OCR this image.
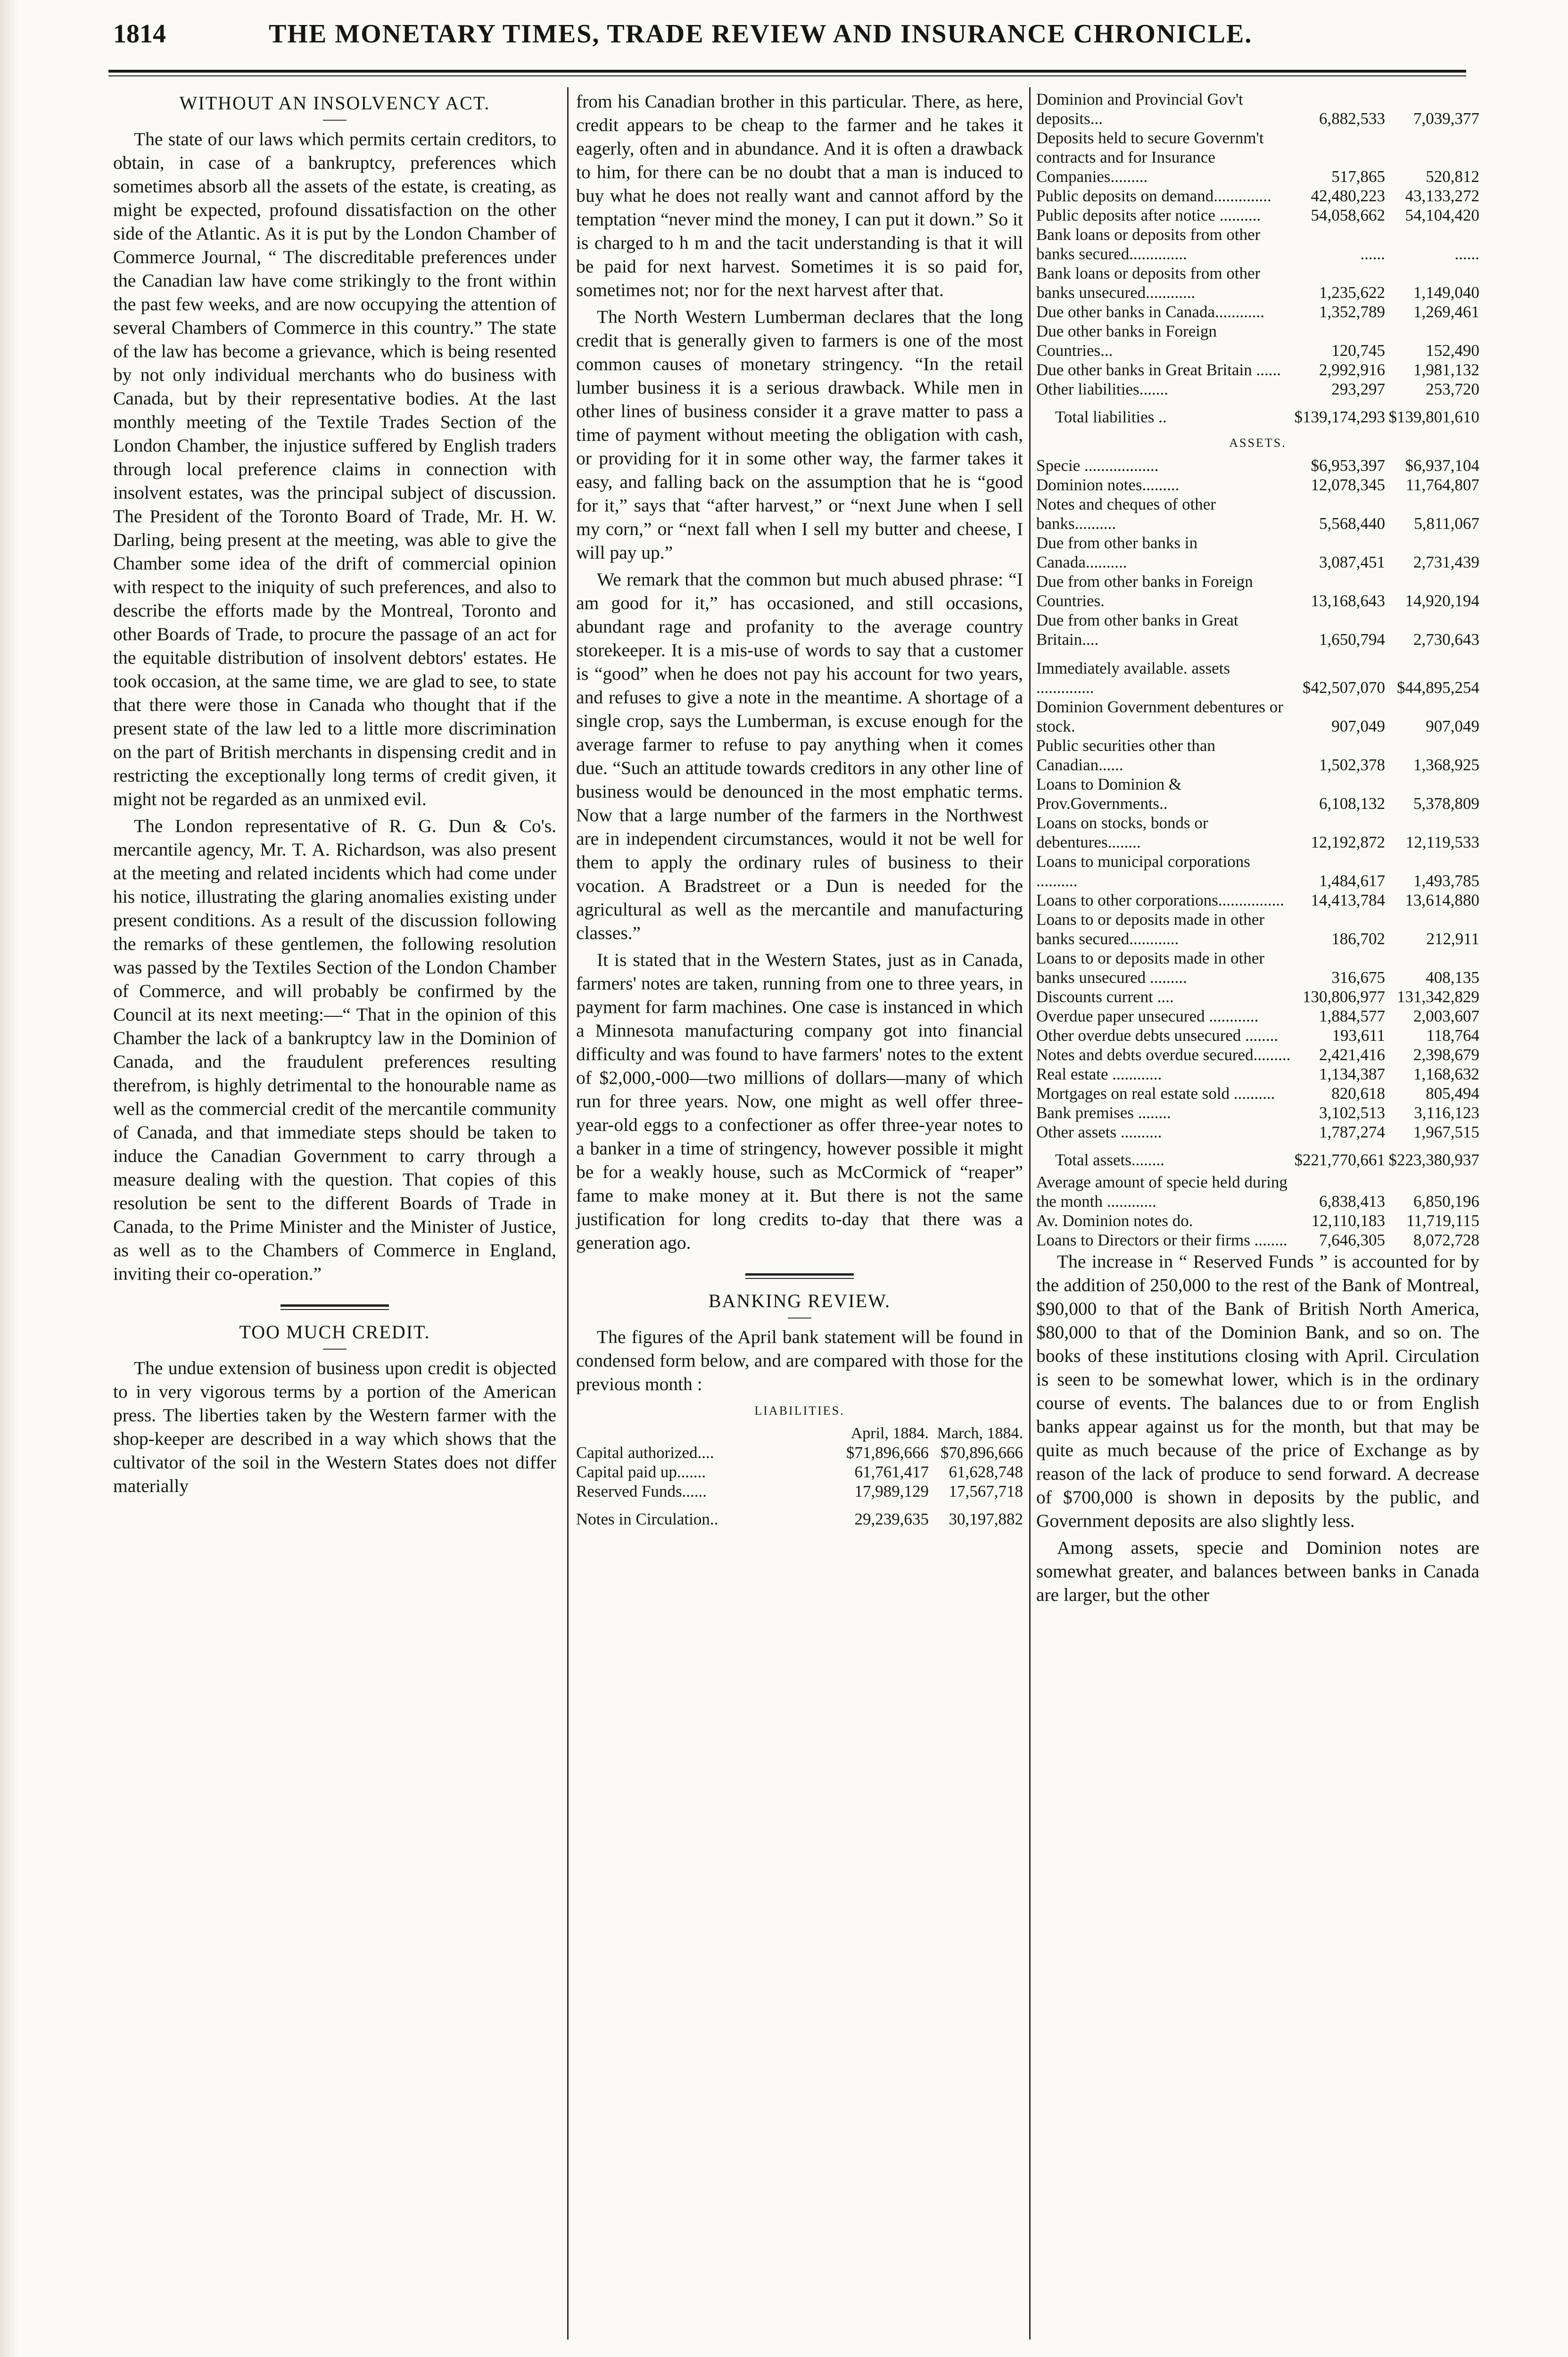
1814	THE MONETARY TIMES, TRADE REVIEW AND INSURANCE CHRONICLE.
WITHOUT AN INSOLVENCY ACT.

The state of our laws which permits certain creditors, to obtain, in case of a bankruptcy, preferences which sometimes absorb all the assets of the estate, is creating, as might be expected, profound dissatisfaction on the other side of the Atlantic. As it is put by the London Chamber of Commerce Journal, “ The discreditable preferences under the Canadian law have come strikingly to the front within the past few weeks, and are now occupying the attention of several Chambers of Commerce in this country.” The state of the law has become a grievance, which is being resented by not only individual merchants who do business with Canada, but by their representative bodies. At the last monthly meeting of the Textile Trades Section of the London Chamber, the injustice suffered by English traders through local preference claims in connection with insolvent estates, was the principal subject of discussion. The President of the Toronto Board of Trade, Mr. H. W. Darling, being present at the meeting, was able to give the Chamber some idea of the drift of commercial opinion with respect to the iniquity of such preferences, and also to describe the efforts made by the Montreal, Toronto and other Boards of Trade, to procure the passage of an act for the equitable distribution of insolvent debtors' estates. He took occasion, at the same time, we are glad to see, to state that there were those in Canada who thought that if the present state of the law led to a little more discrimination on the part of British merchants in dispensing credit and in restricting the exceptionally long terms of credit given, it might not be regarded as an unmixed evil.

The London representative of R. G. Dun & Co's. mercantile agency, Mr. T. A. Richardson, was also present at the meeting and related incidents which had come under his notice, illustrating the glaring anomalies existing under present conditions. As a result of the discussion following the remarks of these gentlemen, the following resolution was passed by the Textiles Section of the London Chamber of Commerce, and will probably be confirmed by the Council at its next meeting:—“ That in the opinion of this Chamber the lack of a bankruptcy law in the Dominion of Canada, and the fraudulent preferences resulting therefrom, is highly detrimental to the honourable name as well as the commercial credit of the mercantile community of Canada, and that immediate steps should be taken to induce the Canadian Government to carry through a measure dealing with the question. That copies of this resolution be sent to the different Boards of Trade in Canada, to the Prime Minister and the Minister of Justice, as well as to the Chambers of Commerce in England, inviting their co-operation.”

TOO MUCH CREDIT.

The undue extension of business upon credit is objected to in very vigorous terms by a portion of the American press. The liberties taken by the Western farmer with the shop-keeper are described in a way which shows that the cultivator of the soil in the Western States does not differ materially

from his Canadian brother in this particular. There, as here, credit appears to be cheap to the farmer and he takes it eagerly, often and in abundance. And it is often a drawback to him, for there can be no doubt that a man is induced to buy what he does not really want and cannot afford by the temptation “never mind the money, I can put it down.” So it is charged to h m and the tacit understanding is that it will be paid for next harvest. Sometimes it is so paid for, sometimes not; nor for the next harvest after that.

The North Western Lumberman declares that the long credit that is generally given to farmers is one of the most common causes of monetary stringency. “In the retail lumber business it is a serious drawback. While men in other lines of business consider it a grave matter to pass a time of payment without meeting the obligation with cash, or providing for it in some other way, the farmer takes it easy, and falling back on the assumption that he is “good for it,” says that “after harvest,” or “next June when I sell my corn,” or “next fall when I sell my butter and cheese, I will pay up.”

We remark that the common but much abused phrase: “I am good for it,” has occasioned, and still occasions, abundant rage and profanity to the average country storekeeper. It is a mis-use of words to say that a customer is “good” when he does not pay his account for two years, and refuses to give a note in the meantime. A shortage of a single crop, says the Lumberman, is excuse enough for the average farmer to refuse to pay anything when it comes due. “Such an attitude towards creditors in any other line of business would be denounced in the most emphatic terms. Now that a large number of the farmers in the Northwest are in independent circumstances, would it not be well for them to apply the ordinary rules of business to their vocation. A Bradstreet or a Dun is needed for the agricultural as well as the mercantile and manufacturing classes.”

It is stated that in the Western States, just as in Canada, farmers' notes are taken, running from one to three years, in payment for farm machines. One case is instanced in which a Minnesota manufacturing company got into financial difficulty and was found to have farmers' notes to the extent of $2,000,-000—two millions of dollars—many of which run for three years. Now, one might as well offer three-year-old eggs to a confectioner as offer three-year notes to a banker in a time of stringency, however possible it might be for a weakly house, such as McCormick of “reaper” fame to make money at it. But there is not the same justification for long credits to-day that there was a generation ago.

BANKING REVIEW.

The figures of the April bank statement will be found in condensed form below, and are compared with those for the previous month :

LIABILITIES.
	April, 1884.	March, 1884.
Capital authorized....	$71,896,666	$70,896,666
Capital paid up.......	61,761,417	61,628,748
Reserved Funds......	17,989,129	17,567,718
Notes in Circulation..	29,239,635	30,197,882
Dominion and Provincial Gov't deposits...	6,882,533	7,039,377
Deposits held to secure Governm't contracts and for Insurance Companies.........	517,865	520,812
Public deposits on demand..............	42,480,223	43,133,272
Public deposits after notice ..........	54,058,662	54,104,420
Bank loans or deposits from other banks secured..............	......	......
Bank loans or deposits from other banks unsecured............	1,235,622	1,149,040
Due other banks in Canada............	1,352,789	1,269,461
Due other banks in Foreign Countries...	120,745	152,490
Due other banks in Great Britain ......	2,992,916	1,981,132
Other liabilities.......	293,297	253,720
Total liabilities ..	$139,174,293	$139,801,610
ASSETS.
Specie ..................	$6,953,397	$6,937,104
Dominion notes.........	12,078,345	11,764,807
Notes and cheques of other banks..........	5,568,440	5,811,067
Due from other banks in Canada..........	3,087,451	2,731,439
Due from other banks in Foreign Countries.	13,168,643	14,920,194
Due from other banks in Great Britain....	1,650,794	2,730,643
Immediately available. assets ..............	$42,507,070	$44,895,254
Dominion Government debentures or stock.	907,049	907,049
Public securities other than Canadian......	1,502,378	1,368,925
Loans to Dominion & Prov.Governments..	6,108,132	5,378,809
Loans on stocks, bonds or debentures........	12,192,872	12,119,533
Loans to municipal corporations ..........	1,484,617	1,493,785
Loans to other corporations................	14,413,784	13,614,880
Loans to or deposits made in other banks secured............	186,702	212,911
Loans to or deposits made in other banks unsecured .........	316,675	408,135
Discounts current ....	130,806,977	131,342,829
Overdue paper unsecured ............	1,884,577	2,003,607
Other overdue debts unsecured ........	193,611	118,764
Notes and debts overdue secured.........	2,421,416	2,398,679
Real estate ............	1,134,387	1,168,632
Mortgages on real estate sold ..........	820,618	805,494
Bank premises ........	3,102,513	3,116,123
Other assets ..........	1,787,274	1,967,515
Total assets........	$221,770,661	$223,380,937
Average amount of specie held during the month ............	6,838,413	6,850,196
Av. Dominion notes do.	12,110,183	11,719,115
Loans to Directors or their firms ........	7,646,305	8,072,728

The increase in “ Reserved Funds ” is accounted for by the addition of 250,000 to the rest of the Bank of Montreal, $90,000 to that of the Bank of British North America, $80,000 to that of the Dominion Bank, and so on. The books of these institutions closing with April. Circulation is seen to be somewhat lower, which is in the ordinary course of events. The balances due to or from English banks appear against us for the month, but that may be quite as much because of the price of Exchange as by reason of the lack of produce to send forward. A decrease of $700,000 is shown in deposits by the public, and Government deposits are also slightly less.

Among assets, specie and Dominion notes are somewhat greater, and balances between banks in Canada are larger, but the other
